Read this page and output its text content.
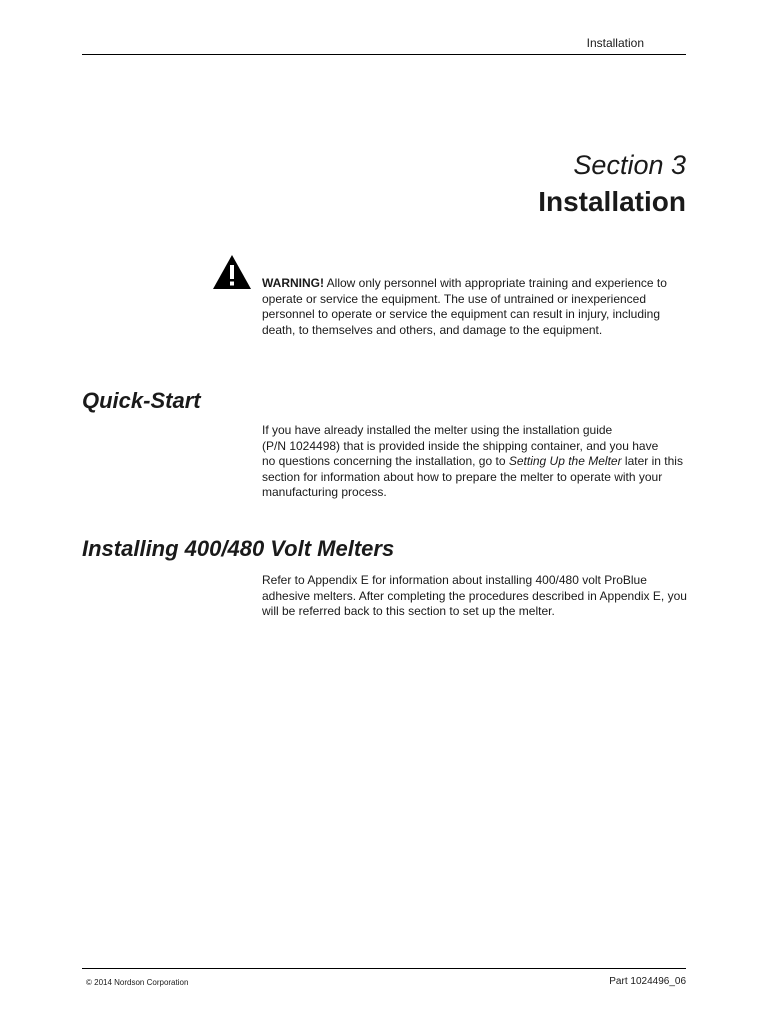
Installation
Section 3
Installation

WARNING! Allow only personnel with appropriate training and experience to operate or service the equipment. The use of untrained or inexperienced personnel to operate or service the equipment can result in injury, including death, to themselves and others, and damage to the equipment.

Quick-Start

If you have already installed the melter using the installation guide
(P/N 1024498) that is provided inside the shipping container, and you have
no questions concerning the installation, go to Setting Up the Melter later in this section for information about how to prepare the melter to operate with your manufacturing process.

Installing 400/480 Volt Melters

Refer to Appendix E for information about installing 400/480 volt ProBlue adhesive melters. After completing the procedures described in Appendix E, you will be referred back to this section to set up the melter.

© 2014 Nordson Corporation	Part 1024496_06
